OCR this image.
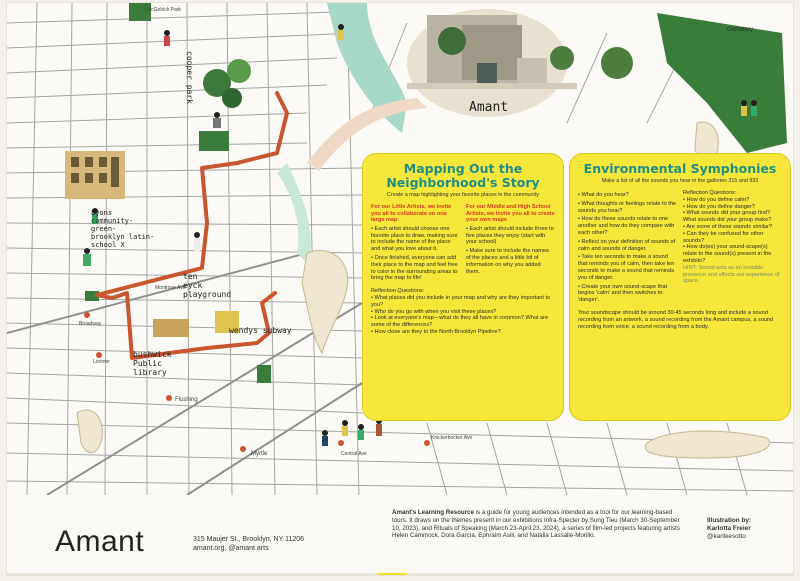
Amant
McGolrick Park
Cemetery
cooper park
Lyons community- green- brooklyn latin- school X
ten eyck playground
Montrose Ave
wendys subway
bushwick Public library
Broadway
Lorimer
Flushing
Myrtle	Central Ave
Knickerbocker Ave
Mapping Out the Neighborhood's Story
Create a map highlighting your favorite places in the community
For our Little Artists, we invite you all to collaborate on one large map

• Each artist should choose one favorite place to draw, making sure to include the name of the place and what you love about it.

• Once finished, everyone can add their place to the map and feel free to color in the surrounding areas to bring the map to life!

For our Middle and High School Artists, we invite you all to create your own maps

• Each artist should include three to five places they enjoy (start with your school)

• Make sure to include the names of the places and a little bit of information on why you added them.

Reflection Questions:
• What places did you include in your map and why are they important to you?
• Who do you go with when you visit these places?
• Look at everyone's map—what do they all have in common? What are some of the differences?
• How close are they to the North Brooklyn Pipeline?
Environmental Symphonies
Make a list of all the sounds you hear in the galleries 315 and 932

• What do you hear?

• What thoughts or feelings relate to the sounds you hear?

• How do these sounds relate to one another and how do they compare with each other?

• Reflect on your definition of sounds of calm and sounds of danger.

• Take ten seconds to make a sound that reminds you of calm, then take ten seconds to make a sound that reminds you of danger.

• Create your own sound-scape that begins 'calm' and then switches to 'danger'.

Reflection Questions:
• How do you define calm?
• How do you define danger?
• What sounds did your group find? What sounds did your group make?
• Are some of these sounds similar?
• Can they be confused for other sounds?
• How do(es) your sound-scape(s) relate to the sound(s) present in the exhibits?
HINT: Sound acts as an invisible presence and affects our experience of space
Your soundscape should be around 30-45 seconds long and include a sound recording from an artwork, a sound recording from the Amant campus, a sound recording from voice, a sound recording from a body.
Amant	315 Maujer St., Brooklyn, NY 11206
amant.org, @amant.arts
Amant's Learning Resource is a guide for young audiences intended as a tool for our learning-based tours. It draws on the themes present in our exhibitions Infra-Specter by Sung Tieu (March 30-September 10, 2023), and Rituals of Speaking (March 23-April 23, 2024), a series of film-led projects featuring artists Helen Cammock, Dora García, Ephraim Asili, and Natalia Lassalle-Morillo.
Illustration by:
Karlotta Freier
@karlikesotto
